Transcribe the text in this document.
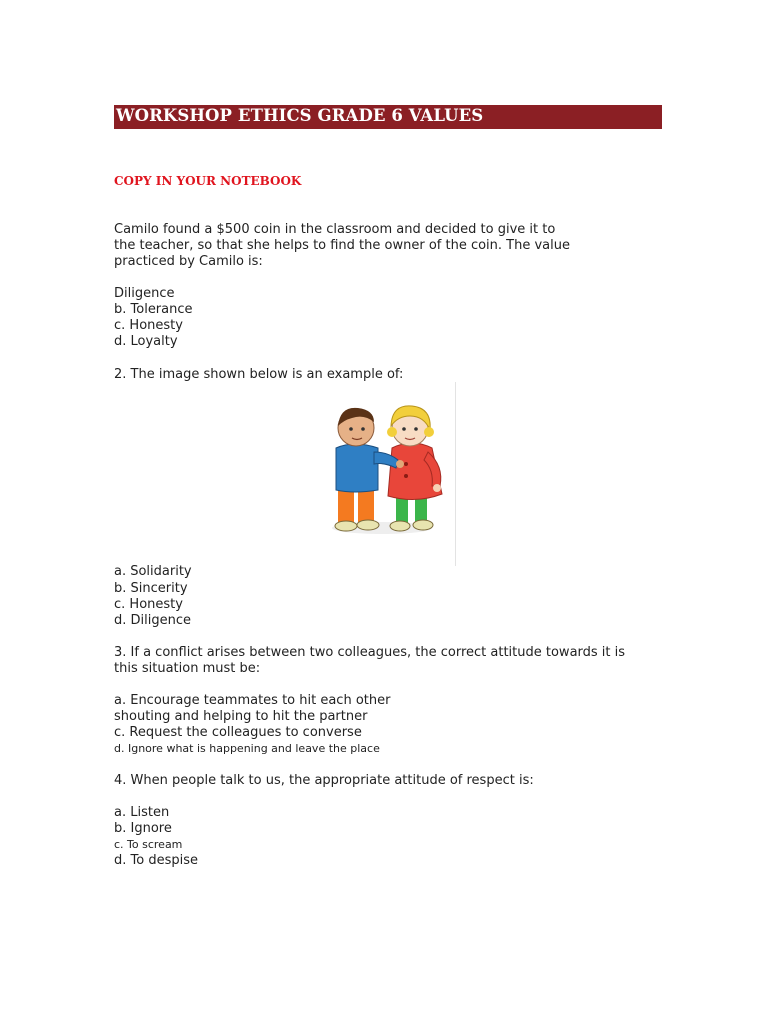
WORKSHOP ETHICS GRADE 6 VALUES
COPY IN YOUR NOTEBOOK
Camilo found a $500 coin in the classroom and decided to give it to
the teacher, so that she helps to find the owner of the coin. The value
practiced by Camilo is:
Diligence
b. Tolerance
c. Honesty
d. Loyalty
2. The image shown below is an example of:
a. Solidarity
b. Sincerity
c. Honesty
d. Diligence
3. If a conflict arises between two colleagues, the correct attitude towards it is
this situation must be:
a. Encourage teammates to hit each other
shouting and helping to hit the partner
c. Request the colleagues to converse
d. Ignore what is happening and leave the place
4. When people talk to us, the appropriate attitude of respect is:
a. Listen
b. Ignore
c. To scream
d. To despise
